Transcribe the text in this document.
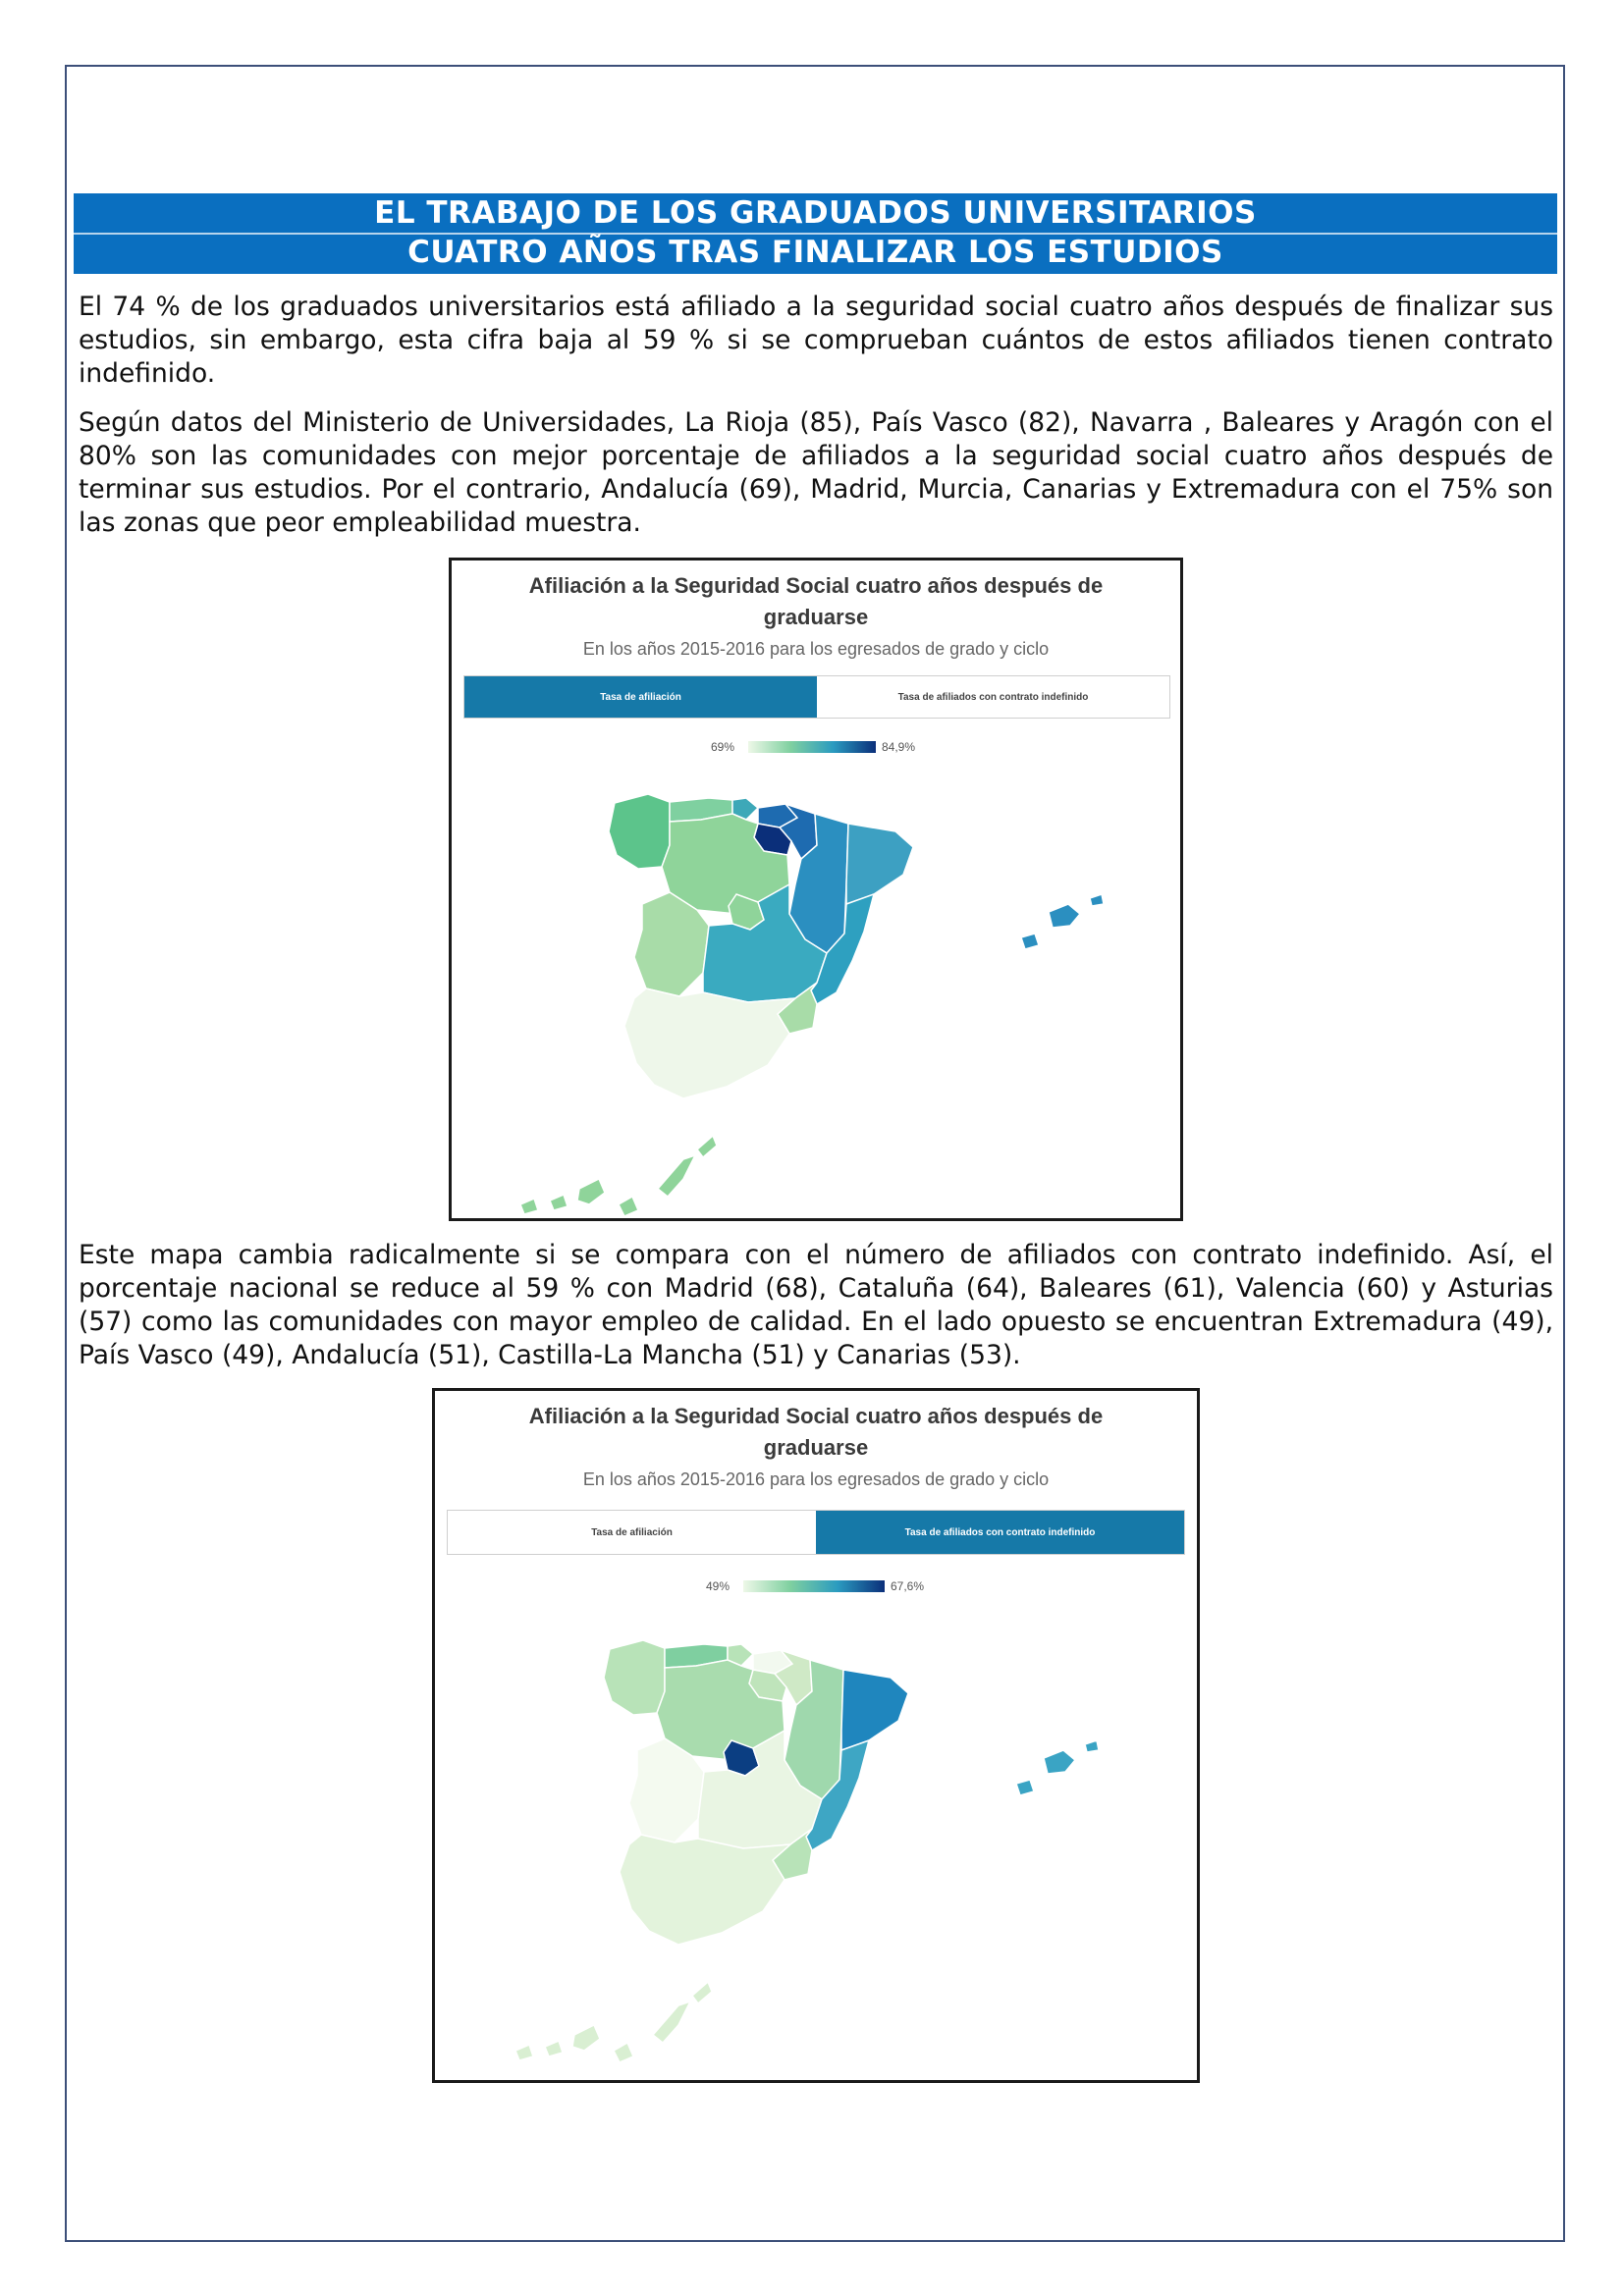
EL TRABAJO DE LOS GRADUADOS UNIVERSITARIOS
CUATRO AÑOS TRAS FINALIZAR LOS ESTUDIOS

El 74 % de los graduados universitarios está afiliado a la seguridad social cuatro años después de finalizar sus estudios, sin embargo, esta cifra baja al 59 % si se comprueban cuántos de estos afiliados tienen contrato indefinido.

Según datos del Ministerio de Universidades, La Rioja (85), País Vasco (82), Navarra , Baleares y Aragón con el 80% son las comunidades con mejor porcentaje de afiliados a la seguridad social cuatro años después de terminar sus estudios. Por el contrario, Andalucía (69), Madrid, Murcia, Canarias y Extremadura con el 75% son las zonas que peor empleabilidad muestra.

Afiliación a la Seguridad Social cuatro años después de
graduarse
En los años 2015-2016 para los egresados de grado y ciclo
Tasa de afiliación	Tasa de afiliados con contrato indefinido
69%	84,9%

Este mapa cambia radicalmente si se compara con el número de afiliados con contrato indefinido. Así, el porcentaje nacional se reduce al 59 % con Madrid (68), Cataluña (64), Baleares (61), Valencia (60) y Asturias (57) como las comunidades con mayor empleo de calidad. En el lado opuesto se encuentran Extremadura (49), País Vasco (49), Andalucía (51), Castilla-La Mancha (51) y Canarias (53).

Afiliación a la Seguridad Social cuatro años después de
graduarse
En los años 2015-2016 para los egresados de grado y ciclo
Tasa de afiliación	Tasa de afiliados con contrato indefinido
49%	67,6%
